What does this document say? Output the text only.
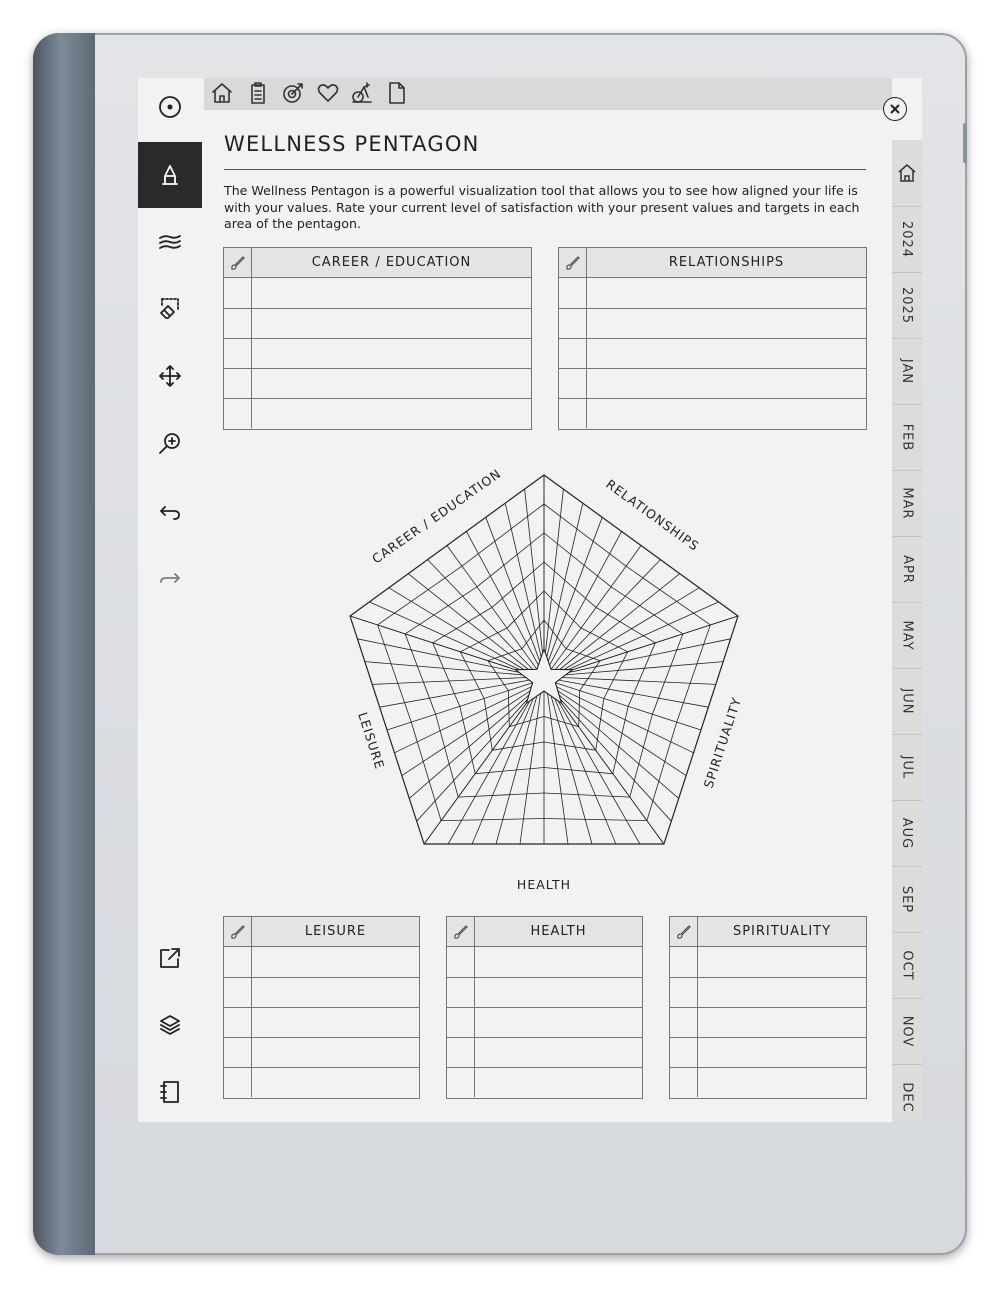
2024
2025
JAN
FEB
MAR
APR
MAY
JUN
JUL
AUG
SEP
OCT
NOV
DEC
WELLNESS PENTAGON
The Wellness Pentagon is a powerful visualization tool that allows you to see how aligned your life is with your values. Rate your current level of satisfaction with your present values and targets in each area of the pentagon.
CAREER / EDUCATION	RELATIONSHIPS
CAREER / EDUCATION	RELATIONSHIPS
SPIRITUALITY
HEALTH
LEISURE
LEISURE	HEALTH	SPIRITUALITY
